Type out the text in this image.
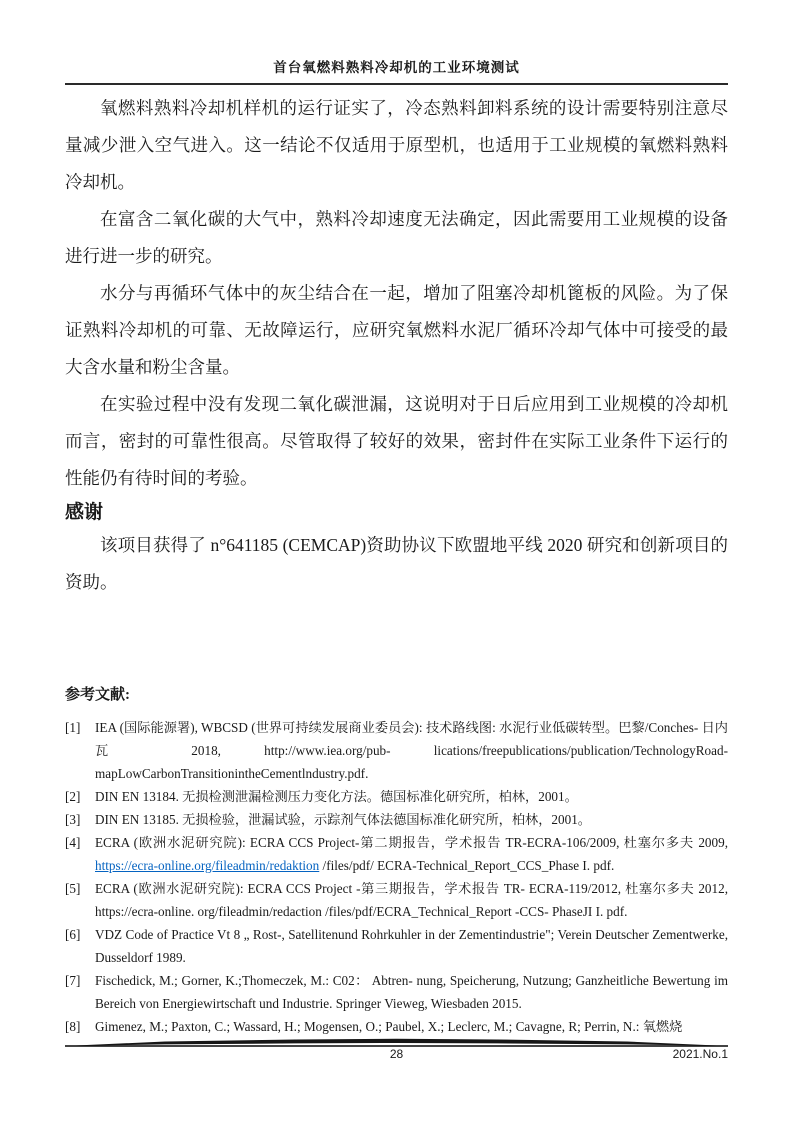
首台氧燃料熟料冷却机的工业环境测试

氧燃料熟料冷却机样机的运行证实了，冷态熟料卸料系统的设计需要特别注意尽量减少泄入空气进入。这一结论不仅适用于原型机，也适用于工业规模的氧燃料熟料冷却机。

在富含二氧化碳的大气中，熟料冷却速度无法确定，因此需要用工业规模的设备进行进一步的研究。

水分与再循环气体中的灰尘结合在一起，增加了阻塞冷却机篦板的风险。为了保证熟料冷却机的可靠、无故障运行，应研究氧燃料水泥厂循环冷却气体中可接受的最大含水量和粉尘含量。

在实验过程中没有发现二氧化碳泄漏，这说明对于日后应用到工业规模的冷却机而言，密封的可靠性很高。尽管取得了较好的效果，密封件在实际工业条件下运行的性能仍有待时间的考验。

感谢

该项目获得了 n°641185 (CEMCAP)资助协议下欧盟地平线 2020 研究和创新项目的资助。

参考文献:
[1]	IEA (国际能源署), WBCSD (世界可持续发展商业委员会): 技术路线图: 水泥行业低碳转型。巴黎/Conches- 日内瓦 2018, http://www.iea.org/pub- lications/freepublications/publication/TechnologyRoad-mapLowCarbonTransitionintheCementlndustry.pdf.
[2]	DIN EN 13184. 无损检测泄漏检测压力变化方法。德国标准化研究所，柏林，2001。
[3]	DIN EN 13185. 无损检验，泄漏试验，示踪剂气体法德国标准化研究所，柏林，2001。
[4]	ECRA (欧洲水泥研究院): ECRA CCS Project-第二期报告，学术报告 TR-ECRA-106/2009, 杜塞尔多夫 2009, https://ecra-online.org/fileadmin/redaktion /files/pdf/ ECRA-Technical_Report_CCS_Phase I. pdf.
[5]	ECRA (欧洲水泥研究院): ECRA CCS Project -第三期报告，学术报告 TR- ECRA-119/2012, 杜塞尔多夫 2012, https://ecra-online. org/fileadmin/redaction /files/pdf/ECRA_Technical_Report -CCS- PhaseJI I. pdf.
[6]	VDZ Code of Practice Vt 8 „ Rost-, Satellitenund Rohrkuhler in der Zementindustrie"; Verein Deutscher Zementwerke, Dusseldorf 1989.
[7]	Fischedick, M.; Gorner, K.;Thomeczek, M.: C02： Abtren- nung, Speicherung, Nutzung; Ganzheitliche Bewertung im Bereich von Energiewirtschaft und Industrie. Springer Vieweg, Wiesbaden 2015.
[8]	Gimenez, M.; Paxton, C.; Wassard, H.; Mogensen, O.; Paubel, X.; Leclerc, M.; Cavagne, R; Perrin, N.: 氧燃烧
28	2021.No.1
